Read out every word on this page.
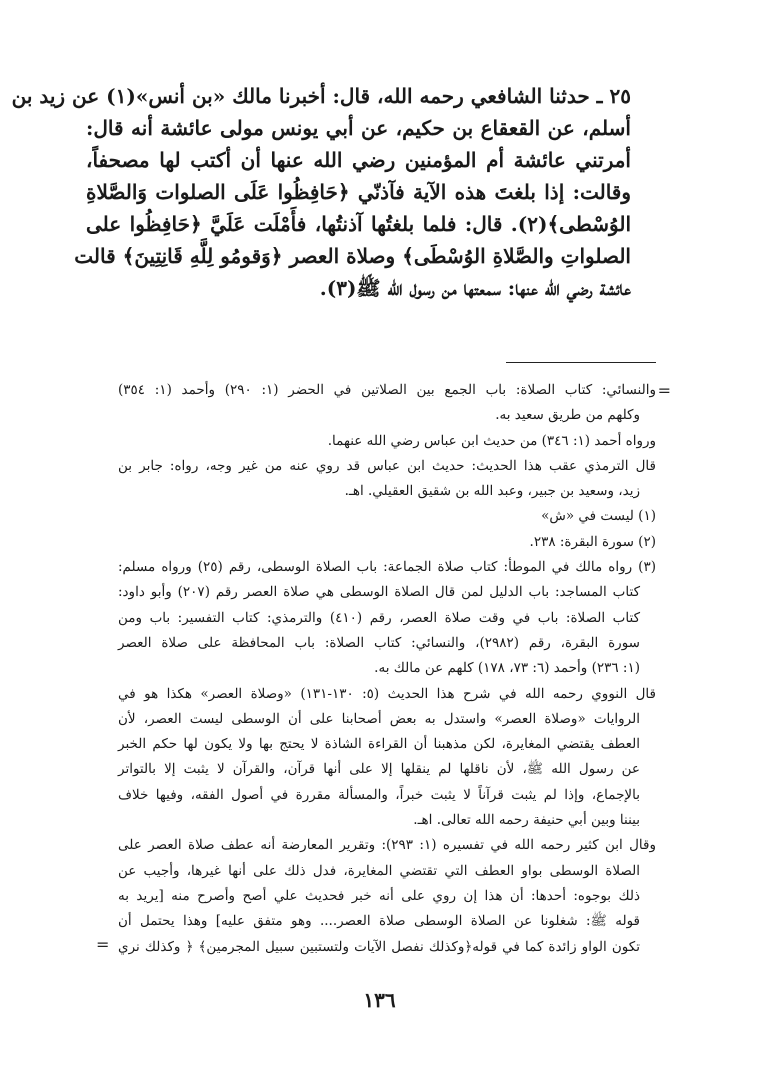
٢٥ ـ حدثنا الشافعي رحمه الله، قال: أخبرنا مالك «بن أنس»(١) عن زيد بن
أسلم، عن القعقاع بن حكيم، عن أبي يونس مولى عائشة أنه قال:
أمرتني عائشة أم المؤمنين رضي الله عنها أن أكتب لها مصحفاً،
وقالت: إذا بلغتَ هذه الآية فآذنّي ﴿حَافِظُوا عَلَى الصلوات وَالصَّلاةِ
الوُسْطى﴾(٢). قال: فلما بلغتُها آذنتُها، فأَمْلَت عَلَيَّ ﴿حَافِظُوا على
الصلواتِ والصَّلاةِ الوُسْطَى﴾ وصلاة العصر ﴿وَقومُو لِلَّهِ قَانِتِينَ﴾ قالت
عائشة رضي الله عنها: سمعتها من رسول الله ﷺ(٣).
=
والنسائي: كتاب الصلاة: باب الجمع بين الصلاتين في الحضر (١: ٢٩٠) وأحمد (١: ٣٥٤)
وكلهم من طريق سعيد به.
ورواه أحمد (١: ٣٤٦) من حديث ابن عباس رضي الله عنهما.
قال الترمذي عقب هذا الحديث: حديث ابن عباس قد روي عنه من غير وجه، رواه: جابر بن
زيد، وسعيد بن جبير، وعبد الله بن شقيق العقيلي. اهـ.
(١) ليست في «ش»
(٢) سورة البقرة: ٢٣٨.
(٣) رواه مالك في الموطأ: كتاب صلاة الجماعة: باب الصلاة الوسطى، رقم (٢٥) ورواه مسلم:
كتاب المساجد: باب الدليل لمن قال الصلاة الوسطى هي صلاة العصر رقم (٢٠٧) وأبو داود:
كتاب الصلاة: باب في وقت صلاة العصر، رقم (٤١٠) والترمذي: كتاب التفسير: باب ومن
سورة البقرة، رقم (٢٩٨٢)، والنسائي: كتاب الصلاة: باب المحافظة على صلاة العصر
(١: ٢٣٦) وأحمد (٦: ٧٣، ١٧٨) كلهم عن مالك به.
قال النووي رحمه الله في شرح هذا الحديث (٥: ١٣٠-١٣١) «وصلاة العصر» هكذا هو في
الروايات «وصلاة العصر» واستدل به بعض أصحابنا على أن الوسطى ليست العصر، لأن
العطف يقتضي المغايرة، لكن مذهبنا أن القراءة الشاذة لا يحتج بها ولا يكون لها حكم الخبر
عن رسول الله ﷺ، لأن ناقلها لم ينقلها إلا على أنها قرآن، والقرآن لا يثبت إلا بالتواتر
بالإجماع، وإذا لم يثبت قرآناً لا يثبت خبراً، والمسألة مقررة في أصول الفقه، وفيها خلاف
بيننا وبين أبي حنيفة رحمه الله تعالى. اهـ.
وقال ابن كثير رحمه الله في تفسيره (١: ٢٩٣): وتقرير المعارضة أنه عطف صلاة العصر على
الصلاة الوسطى بواو العطف التي تقتضي المغايرة، فدل ذلك على أنها غيرها، وأجيب عن
ذلك بوجوه: أحدها: أن هذا إن روي على أنه خبر فحديث علي أصح وأصرح منه [يريد به
قوله ﷺ: شغلونا عن الصلاة الوسطى صلاة العصر.... وهو متفق عليه] وهذا يحتمل أن
تكون الواو زائدة كما في قوله﴿وكذلك نفصل الآيات ولتستبين سبيل المجرمين﴾ ﴿ وكذلك نري
=
١٣٦
